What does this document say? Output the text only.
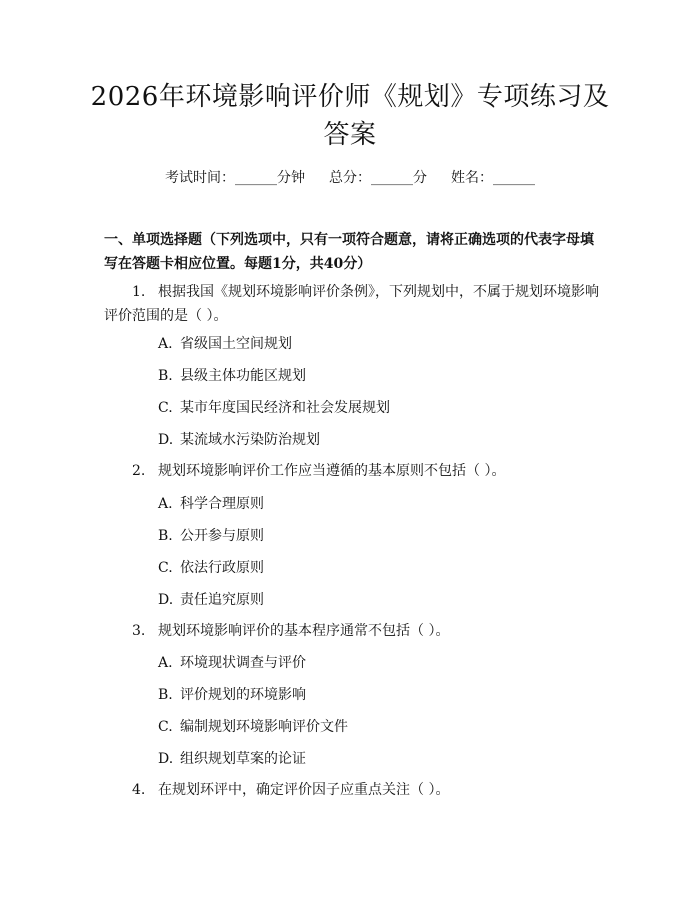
2026年环境影响评价师《规划》专项练习及答案
考试时间：______分钟 总分：______分 姓名：______
一、单项选择题（下列选项中，只有一项符合题意，请将正确选项的代表字母填写在答题卡相应位置。每题1分，共40分）
1. 根据我国《规划环境影响评价条例》，下列规划中，不属于规划环境影响评价范围的是（ ）。
A. 省级国土空间规划
B. 县级主体功能区规划
C. 某市年度国民经济和社会发展规划
D. 某流域水污染防治规划
2. 规划环境影响评价工作应当遵循的基本原则不包括（ ）。
A. 科学合理原则
B. 公开参与原则
C. 依法行政原则
D. 责任追究原则
3. 规划环境影响评价的基本程序通常不包括（ ）。
A. 环境现状调查与评价
B. 评价规划的环境影响
C. 编制规划环境影响评价文件
D. 组织规划草案的论证
4. 在规划环评中，确定评价因子应重点关注（ ）。
